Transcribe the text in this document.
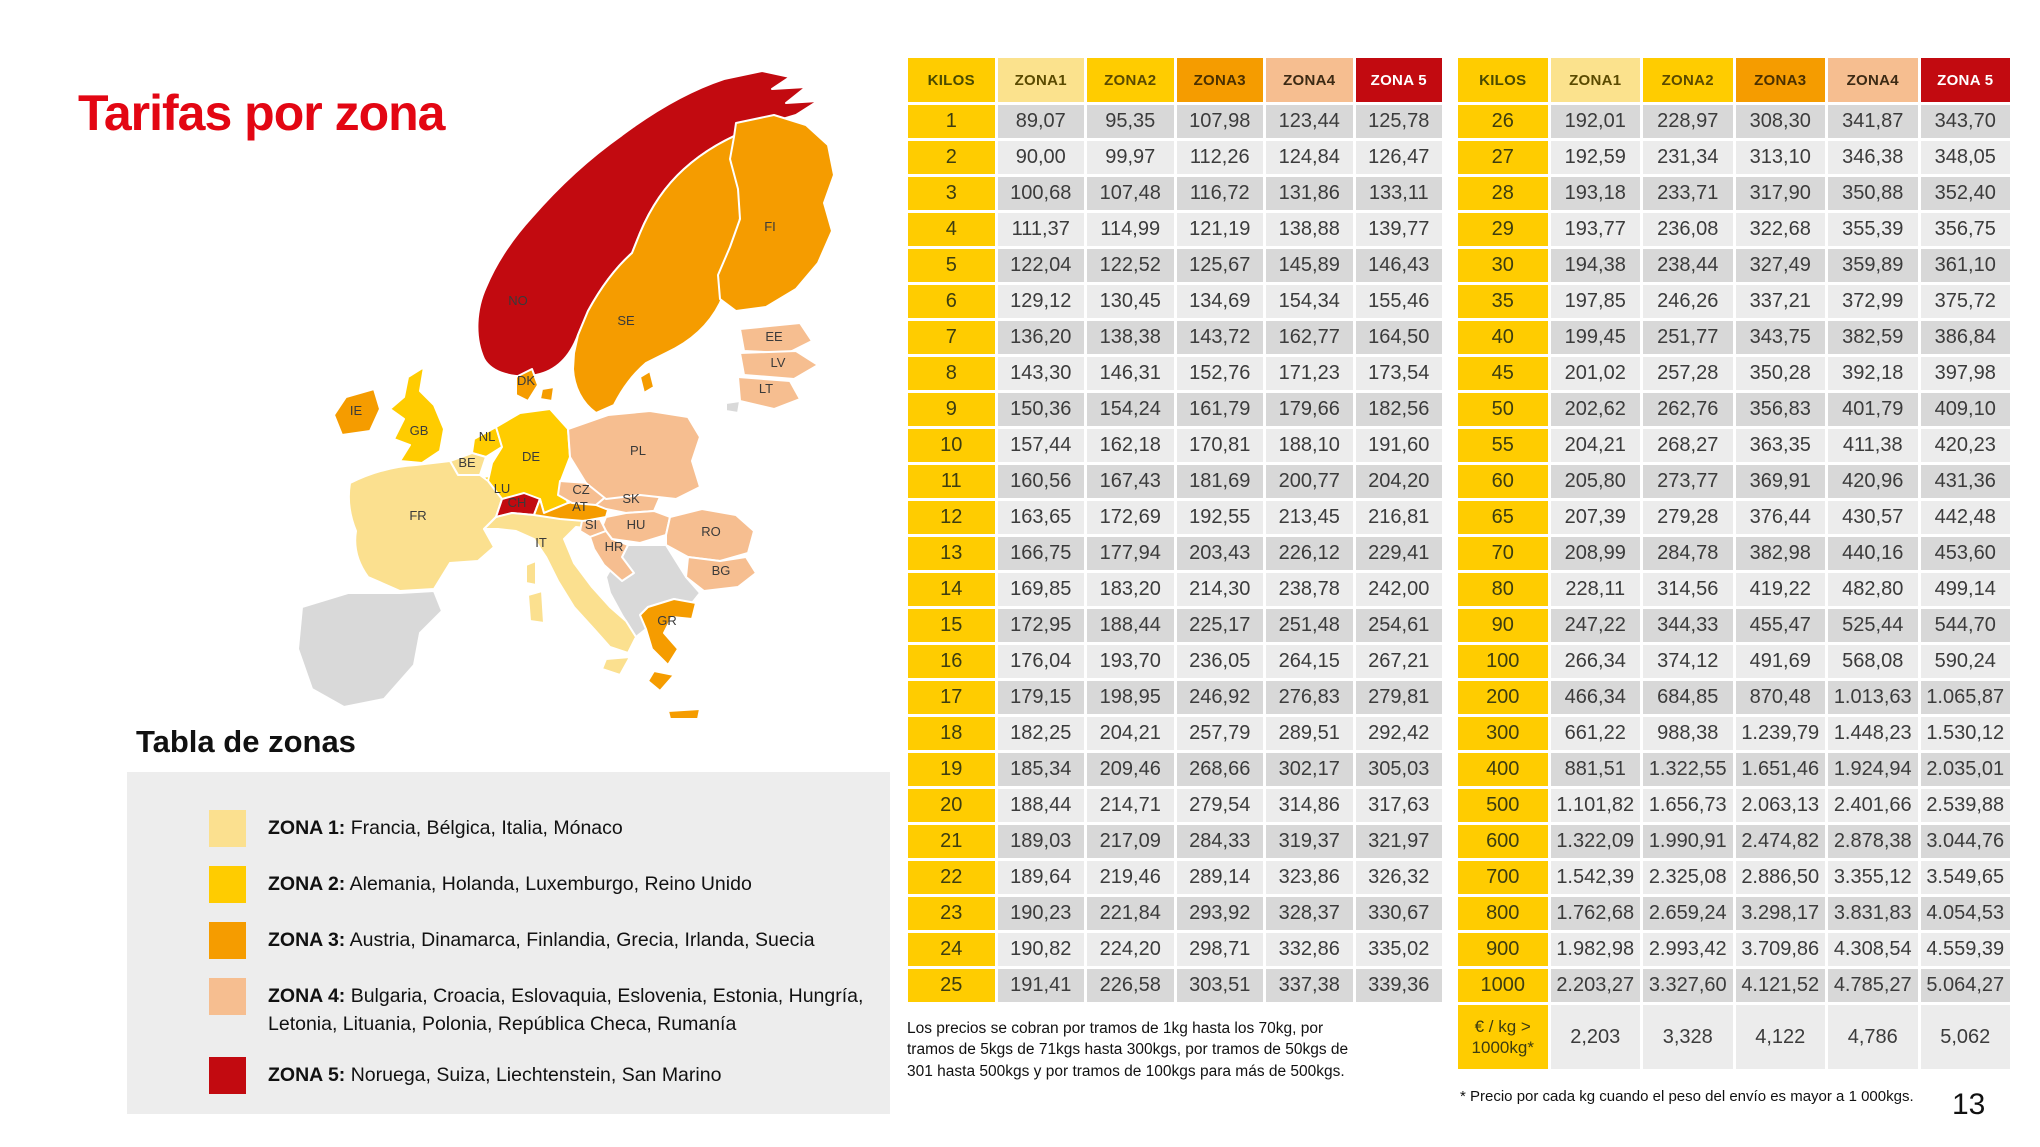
Tarifas por zona
NO
SE
FI
EE
LV
LT
DK
IE
GB	NL
BE
LU
DE
FR
CH
IT
AT
CZ
SK
PL
HU
SI
HR
RO
BG
GR
Tabla de zonas
ZONA 1: Francia, Bélgica, Italia, Mónaco
ZONA 2: Alemania, Holanda, Luxemburgo, Reino Unido
ZONA 3: Austria, Dinamarca, Finlandia, Grecia, Irlanda, Suecia
ZONA 4: Bulgaria, Croacia, Eslovaquia, Eslovenia, Estonia, Hungría, Letonia, Lituania, Polonia, República Checa, Rumanía
ZONA 5: Noruega, Suiza, Liechtenstein, San Marino
KILOS	ZONA1	ZONA2	ZONA3	ZONA4	ZONA 5
1	89,07	95,35	107,98	123,44	125,78
2	90,00	99,97	112,26	124,84	126,47
3	100,68	107,48	116,72	131,86	133,11
4	111,37	114,99	121,19	138,88	139,77
5	122,04	122,52	125,67	145,89	146,43
6	129,12	130,45	134,69	154,34	155,46
7	136,20	138,38	143,72	162,77	164,50
8	143,30	146,31	152,76	171,23	173,54
9	150,36	154,24	161,79	179,66	182,56
10	157,44	162,18	170,81	188,10	191,60
11	160,56	167,43	181,69	200,77	204,20
12	163,65	172,69	192,55	213,45	216,81
13	166,75	177,94	203,43	226,12	229,41
14	169,85	183,20	214,30	238,78	242,00
15	172,95	188,44	225,17	251,48	254,61
16	176,04	193,70	236,05	264,15	267,21
17	179,15	198,95	246,92	276,83	279,81
18	182,25	204,21	257,79	289,51	292,42
19	185,34	209,46	268,66	302,17	305,03
20	188,44	214,71	279,54	314,86	317,63
21	189,03	217,09	284,33	319,37	321,97
22	189,64	219,46	289,14	323,86	326,32
23	190,23	221,84	293,92	328,37	330,67
24	190,82	224,20	298,71	332,86	335,02
25	191,41	226,58	303,51	337,38	339,36
KILOS	ZONA1	ZONA2	ZONA3	ZONA4	ZONA 5
26	192,01	228,97	308,30	341,87	343,70
27	192,59	231,34	313,10	346,38	348,05
28	193,18	233,71	317,90	350,88	352,40
29	193,77	236,08	322,68	355,39	356,75
30	194,38	238,44	327,49	359,89	361,10
35	197,85	246,26	337,21	372,99	375,72
40	199,45	251,77	343,75	382,59	386,84
45	201,02	257,28	350,28	392,18	397,98
50	202,62	262,76	356,83	401,79	409,10
55	204,21	268,27	363,35	411,38	420,23
60	205,80	273,77	369,91	420,96	431,36
65	207,39	279,28	376,44	430,57	442,48
70	208,99	284,78	382,98	440,16	453,60
80	228,11	314,56	419,22	482,80	499,14
90	247,22	344,33	455,47	525,44	544,70
100	266,34	374,12	491,69	568,08	590,24
200	466,34	684,85	870,48	1.013,63	1.065,87
300	661,22	988,38	1.239,79	1.448,23	1.530,12
400	881,51	1.322,55	1.651,46	1.924,94	2.035,01
500	1.101,82	1.656,73	2.063,13	2.401,66	2.539,88
600	1.322,09	1.990,91	2.474,82	2.878,38	3.044,76
700	1.542,39	2.325,08	2.886,50	3.355,12	3.549,65
800	1.762,68	2.659,24	3.298,17	3.831,83	4.054,53
900	1.982,98	2.993,42	3.709,86	4.308,54	4.559,39
1000	2.203,27	3.327,60	4.121,52	4.785,27	5.064,27

€ / kg >
1000kg*	2,203	3,328	4,122	4,786	5,062
Los precios se cobran por tramos de 1kg hasta los 70kg, por tramos de 5kgs de 71kgs hasta 300kgs, por tramos de 50kgs de 301 hasta 500kgs y por tramos de 100kgs para más de 500kgs.
* Precio por cada kg cuando el peso del envío es mayor a 1 000kgs.	13
